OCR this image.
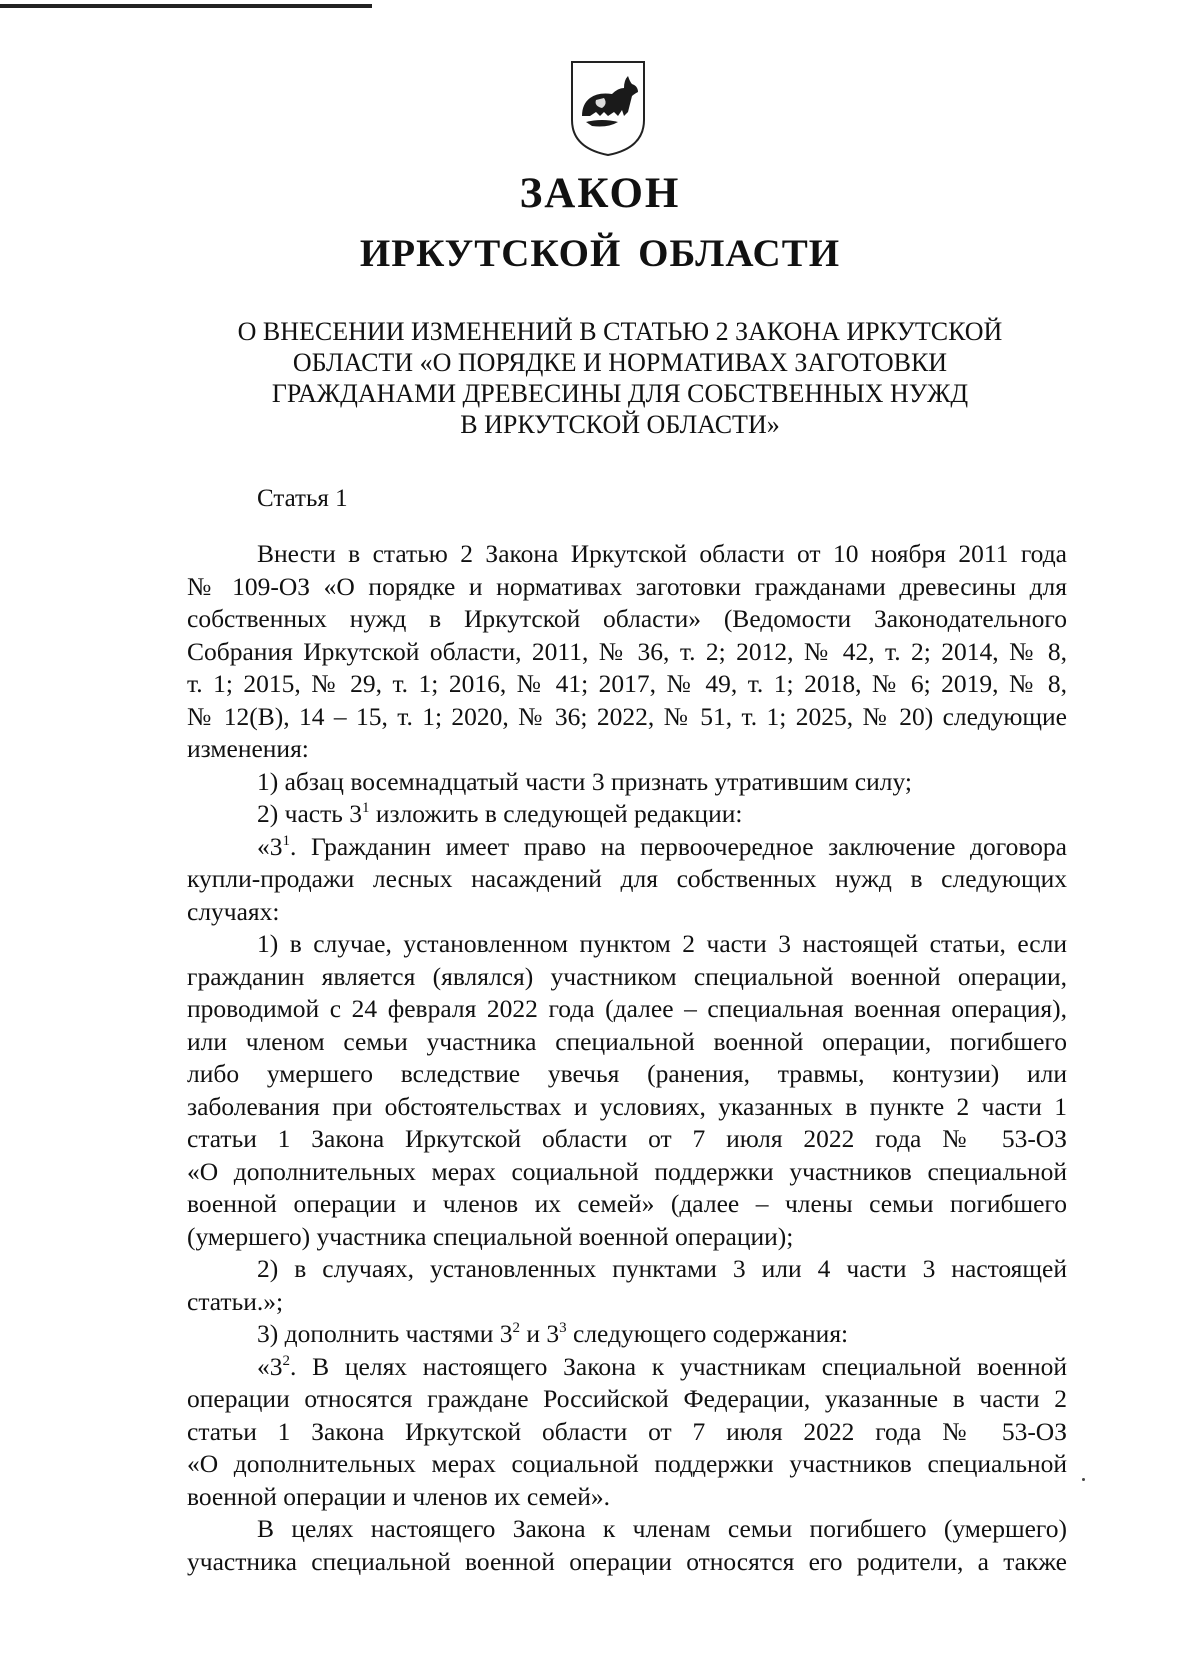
ЗАКОН
ИРКУТСКОЙ ОБЛАСТИ
О ВНЕСЕНИИ ИЗМЕНЕНИЙ В СТАТЬЮ 2 ЗАКОНА ИРКУТСКОЙ
ОБЛАСТИ «О ПОРЯДКЕ И НОРМАТИВАХ ЗАГОТОВКИ
ГРАЖДАНАМИ ДРЕВЕСИНЫ ДЛЯ СОБСТВЕННЫХ НУЖД
В ИРКУТСКОЙ ОБЛАСТИ»
Статья 1
Внести в статью 2 Закона Иркутской области от 10 ноября 2011 года
№ 109-ОЗ «О порядке и нормативах заготовки гражданами древесины для
собственных нужд в Иркутской области» (Ведомости Законодательного
Собрания Иркутской области, 2011, № 36, т. 2; 2012, № 42, т. 2; 2014, № 8,
т. 1; 2015, № 29, т. 1; 2016, № 41; 2017, № 49, т. 1; 2018, № 6; 2019, № 8,
№ 12(В), 14 – 15, т. 1; 2020, № 36; 2022, № 51, т. 1; 2025, № 20) следующие
изменения:
1) абзац восемнадцатый части 3 признать утратившим силу;
2) часть $3^1$ изложить в следующей редакции:
«$3^1$. Гражданин имеет право на первоочередное заключение договора
купли-продажи лесных насаждений для собственных нужд в следующих
случаях:
1) в случае, установленном пунктом 2 части 3 настоящей статьи, если
гражданин является (являлся) участником специальной военной операции,
проводимой с 24 февраля 2022 года (далее – специальная военная операция),
или членом семьи участника специальной военной операции, погибшего
либо умершего вследствие увечья (ранения, травмы, контузии) или
заболевания при обстоятельствах и условиях, указанных в пункте 2 части 1
статьи 1 Закона Иркутской области от 7 июля 2022 года № 53-ОЗ
«О дополнительных мерах социальной поддержки участников специальной
военной операции и членов их семей» (далее – члены семьи погибшего
(умершего) участника специальной военной операции);
2) в случаях, установленных пунктами 3 или 4 части 3 настоящей
статьи.»;
3) дополнить частями $3^2$ и $3^3$ следующего содержания:
«$3^2$. В целях настоящего Закона к участникам специальной военной
операции относятся граждане Российской Федерации, указанные в части 2
статьи 1 Закона Иркутской области от 7 июля 2022 года № 53-ОЗ
«О дополнительных мерах социальной поддержки участников специальной
военной операции и членов их семей».
В целях настоящего Закона к членам семьи погибшего (умершего)
участника специальной военной операции относятся его родители, а также
